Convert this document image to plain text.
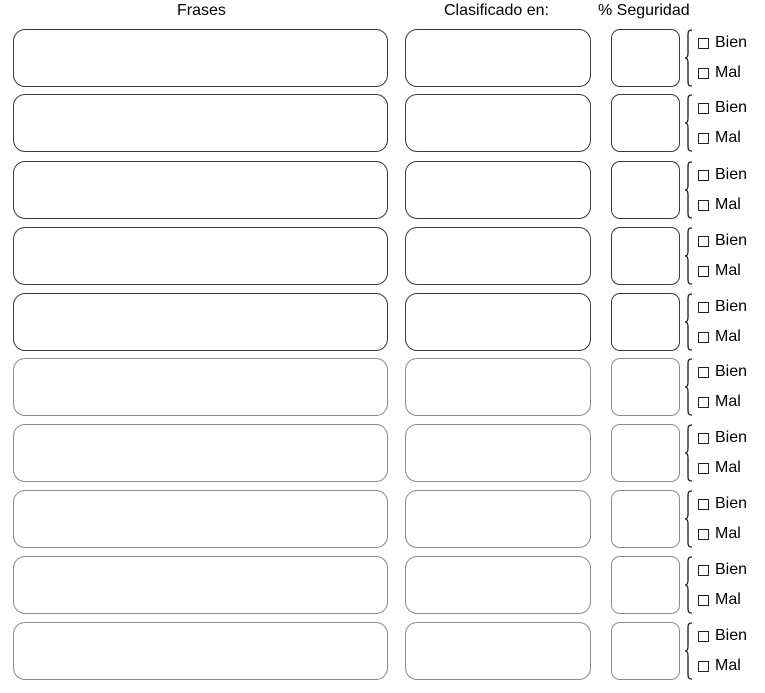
Frases	Clasificado en:	% Seguridad
Bien
Mal
Bien
Mal
Bien
Mal
Bien
Mal
Bien
Mal
Bien
Mal
Bien
Mal
Bien
Mal
Bien
Mal
Bien
Mal
